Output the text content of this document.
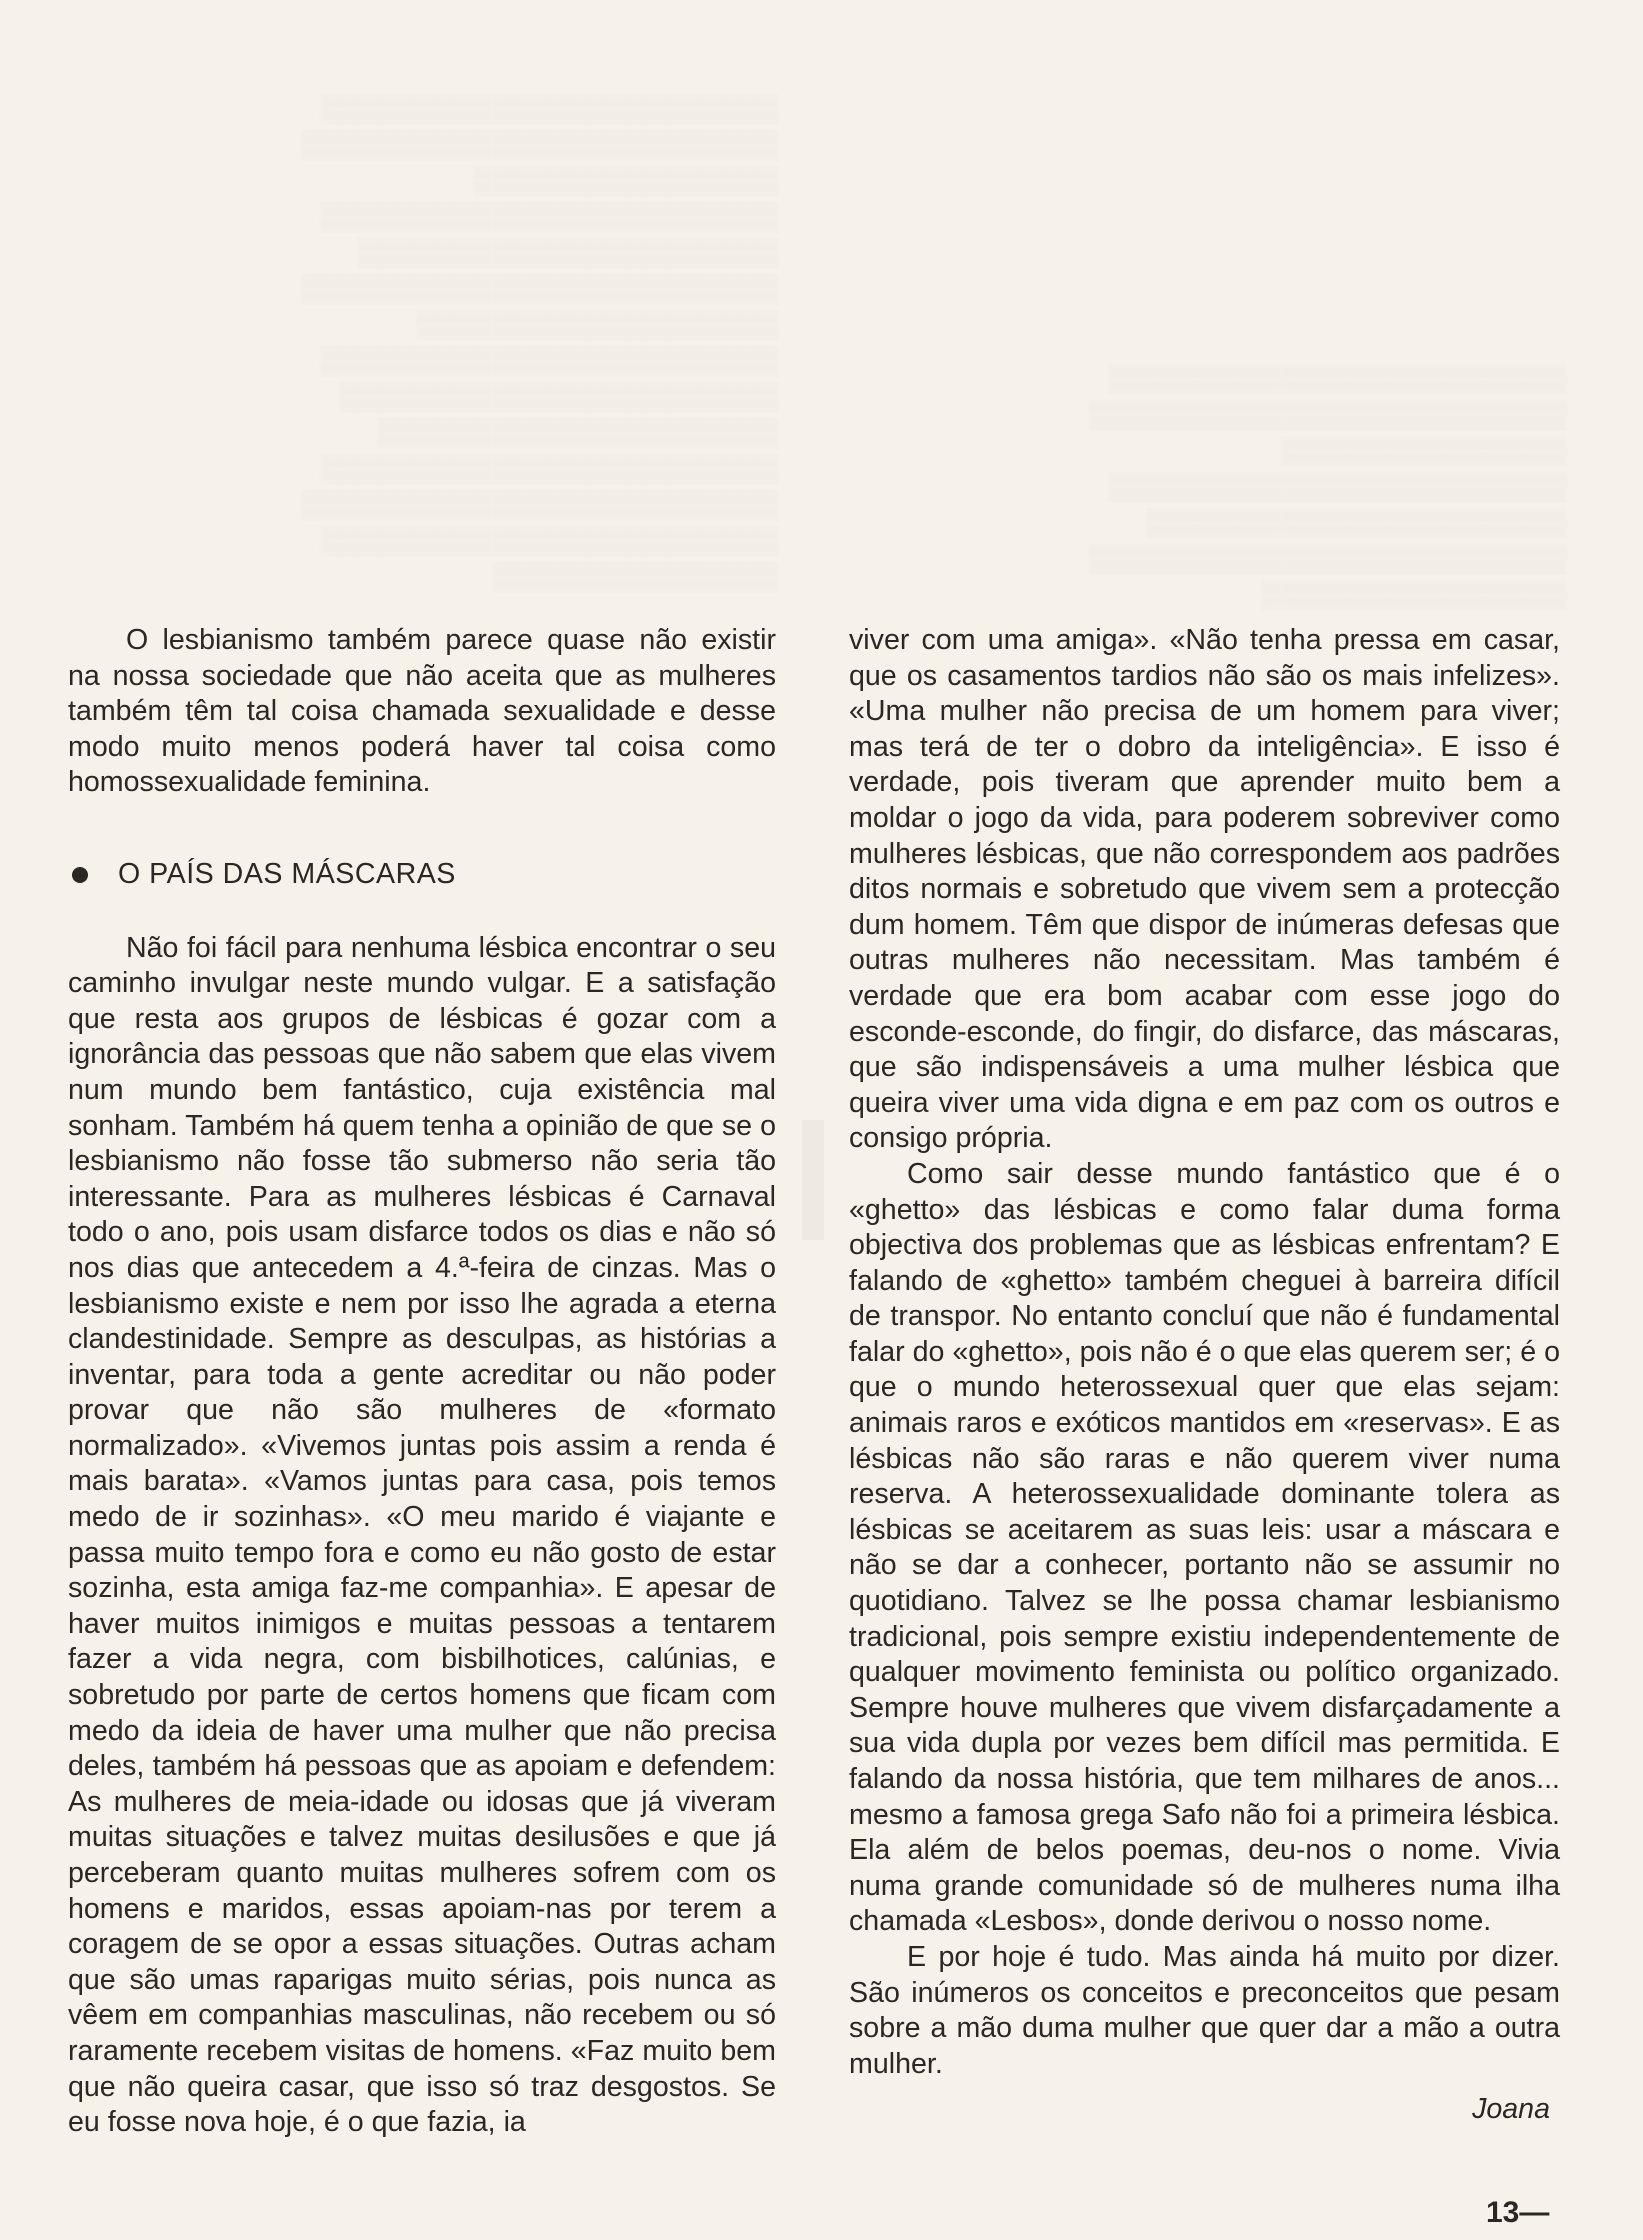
▒▒▒▒▒▒▒▒▒▒▒▒▒▒▒▒▒▒▒▒▒▒▒▒ ▒▒▒▒▒▒▒▒▒▒▒▒▒▒▒▒▒▒▒▒▒▒▒▒▒ ▒▒▒▒▒▒▒▒▒▒▒▒▒▒▒▒ ▒▒▒▒▒▒▒▒▒▒▒▒▒▒▒▒▒▒▒▒▒▒▒▒ ▒▒▒▒▒▒▒▒▒▒▒▒▒▒▒▒▒▒▒▒▒▒ ▒▒▒▒▒▒▒▒▒▒▒▒▒▒▒▒▒▒▒▒▒▒▒▒▒ ▒▒▒▒▒▒▒▒▒▒▒▒▒▒▒▒▒▒▒ ▒▒▒▒▒▒▒▒▒▒▒▒▒▒▒▒▒▒▒▒▒▒▒▒ ▒▒▒▒▒▒▒▒▒▒▒▒▒▒▒▒▒▒▒▒▒▒▒ ▒▒▒▒▒▒▒▒▒▒▒▒▒▒▒▒▒▒▒▒▒ ▒▒▒▒▒▒▒▒▒▒▒▒▒▒▒▒▒▒▒▒▒▒▒▒ ▒▒▒▒▒▒▒▒▒▒▒▒▒▒▒▒▒▒▒▒▒▒▒▒▒ ▒▒▒▒▒▒▒▒▒▒▒▒▒▒▒▒▒▒▒▒▒▒▒▒ ▒▒▒▒▒▒▒▒▒▒▒▒▒▒▒
▒▒▒▒▒▒▒▒▒▒▒▒▒▒▒▒▒▒▒▒▒▒▒▒ ▒▒▒▒▒▒▒▒▒▒▒▒▒▒▒▒▒▒▒▒▒▒▒▒▒ ▒▒▒▒▒▒▒▒▒▒▒▒▒▒▒ ▒▒▒▒▒▒▒▒▒▒▒▒▒▒▒▒▒▒▒▒▒▒▒▒ ▒▒▒▒▒▒▒▒▒▒▒▒▒▒▒▒▒▒▒▒▒▒ ▒▒▒▒▒▒▒▒▒▒▒▒▒▒▒▒▒▒▒▒▒▒▒▒▒ ▒▒▒▒▒▒▒▒▒▒▒▒▒▒▒▒

O lesbianismo também parece quase não existir na nossa sociedade que não aceita que as mulheres também têm tal coisa chamada sexualidade e desse modo muito menos poderá haver tal coisa como homossexualidade feminina.

O PAÍS DAS MÁSCARAS

Não foi fácil para nenhuma lésbica encontrar o seu caminho invulgar neste mundo vulgar. E a satisfação que resta aos grupos de lésbicas é gozar com a ignorância das pessoas que não sabem que elas vivem num mundo bem fantástico, cuja existência mal sonham. Também há quem tenha a opinião de que se o lesbianismo não fosse tão submerso não seria tão interessante. Para as mulheres lésbicas é Carnaval todo o ano, pois usam disfarce todos os dias e não só nos dias que antecedem a 4.ª-feira de cinzas. Mas o lesbianismo existe e nem por isso lhe agrada a eterna clandestinidade. Sempre as desculpas, as histórias a inventar, para toda a gente acreditar ou não poder provar que não são mulheres de «formato normalizado». «Vivemos juntas pois assim a renda é mais barata». «Vamos juntas para casa, pois temos medo de ir sozinhas». «O meu marido é viajante e passa muito tempo fora e como eu não gosto de estar sozinha, esta amiga faz-me companhia». E apesar de haver muitos inimigos e muitas pessoas a tentarem fazer a vida negra, com bisbilhotices, calúnias, e sobretudo por parte de certos homens que ficam com medo da ideia de haver uma mulher que não precisa deles, também há pessoas que as apoiam e defendem: As mulheres de meia-idade ou idosas que já viveram muitas situações e talvez muitas desilusões e que já perceberam quanto muitas mulheres sofrem com os homens e maridos, essas apoiam-nas por terem a coragem de se opor a essas situações. Outras acham que são umas raparigas muito sérias, pois nunca as vêem em companhias masculinas, não recebem ou só raramente recebem visitas de homens. «Faz muito bem que não queira casar, que isso só traz desgostos. Se eu fosse nova hoje, é o que fazia, ia

viver com uma amiga». «Não tenha pressa em casar, que os casamentos tardios não são os mais infelizes». «Uma mulher não precisa de um homem para viver; mas terá de ter o dobro da inteligência». E isso é verdade, pois tiveram que aprender muito bem a moldar o jogo da vida, para poderem sobreviver como mulheres lésbicas, que não correspondem aos padrões ditos normais e sobretudo que vivem sem a protecção dum homem. Têm que dispor de inúmeras defesas que outras mulheres não necessitam. Mas também é verdade que era bom acabar com esse jogo do esconde-esconde, do fingir, do disfarce, das máscaras, que são indispensáveis a uma mulher lésbica que queira viver uma vida digna e em paz com os outros e consigo própria.

Como sair desse mundo fantástico que é o «ghetto» das lésbicas e como falar duma forma objectiva dos problemas que as lésbicas enfrentam? E falando de «ghetto» também cheguei à barreira difícil de transpor. No entanto concluí que não é fundamental falar do «ghetto», pois não é o que elas querem ser; é o que o mundo heterossexual quer que elas sejam: animais raros e exóticos mantidos em «reservas». E as lésbicas não são raras e não querem viver numa reserva. A heterossexualidade dominante tolera as lésbicas se aceitarem as suas leis: usar a máscara e não se dar a conhecer, portanto não se assumir no quotidiano. Talvez se lhe possa chamar lesbianismo tradicional, pois sempre existiu independentemente de qualquer movimento feminista ou político organizado. Sempre houve mulheres que vivem disfarçadamente a sua vida dupla por vezes bem difícil mas permitida. E falando da nossa história, que tem milhares de anos... mesmo a famosa grega Safo não foi a primeira lésbica. Ela além de belos poemas, deu-nos o nome. Vivia numa grande comunidade só de mulheres numa ilha chamada «Lesbos», donde derivou o nosso nome.

E por hoje é tudo. Mas ainda há muito por dizer. São inúmeros os conceitos e preconceitos que pesam sobre a mão duma mulher que quer dar a mão a outra mulher.

Joana
13—
